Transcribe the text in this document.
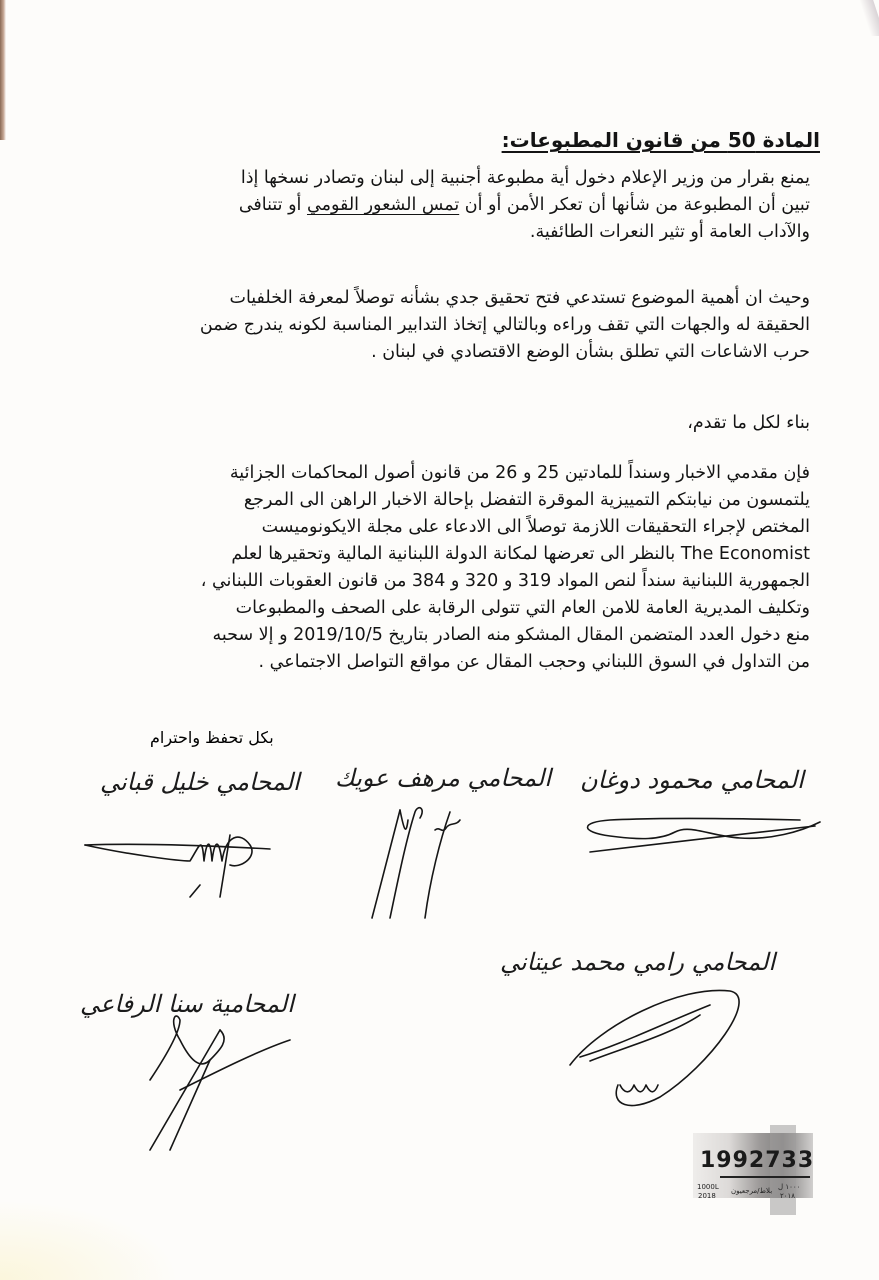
المادة 50 من قانون المطبوعات:
يمنع بقرار من وزير الإعلام دخول أية مطبوعة أجنبية إلى لبنان وتصادر نسخها إذا
تبين أن المطبوعة من شأنها أن تعكر الأمن أو أن تمس الشعور القومي أو تتنافى
والآداب العامة أو تثير النعرات الطائفية.
وحيث ان أهمية الموضوع تستدعي فتح تحقيق جدي بشأنه توصلاً لمعرفة الخلفيات
الحقيقة له والجهات التي تقف وراءه وبالتالي إتخاذ التدابير المناسبة لكونه يندرج ضمن
حرب الاشاعات التي تطلق بشأن الوضع الاقتصادي في لبنان .
بناء لكل ما تقدم،
فإن مقدمي الاخبار وسنداً للمادتين 25 و 26 من قانون أصول المحاكمات الجزائية
يلتمسون من نيابتكم التمييزية الموقرة التفضل بإحالة الاخبار الراهن الى المرجع
المختص لإجراء التحقيقات اللازمة توصلاً الى الادعاء على مجلة الايكونوميست
The Economist بالنظر الى تعرضها لمكانة الدولة اللبنانية المالية وتحقيرها لعلم
الجمهورية اللبنانية سنداً لنص المواد 319 و 320 و 384 من قانون العقوبات اللبناني ،
وتكليف المديرية العامة للامن العام التي تتولى الرقابة على الصحف والمطبوعات
منع دخول العدد المتضمن المقال المشكو منه الصادر بتاريخ 2019/10/5 و إلا سحبه
من التداول في السوق اللبناني وحجب المقال عن مواقع التواصل الاجتماعي .
بكل تحفظ واحترام
المحامي محمود دوغان
المحامي مرهف عويك
المحامي خليل قباني
المحامي رامي محمد عيتاني
المحامية سنا الرفاعي
1992733
1000L
2018
بلاط/مرجعيون ١٠٠٠ ل
٢٠١٨
